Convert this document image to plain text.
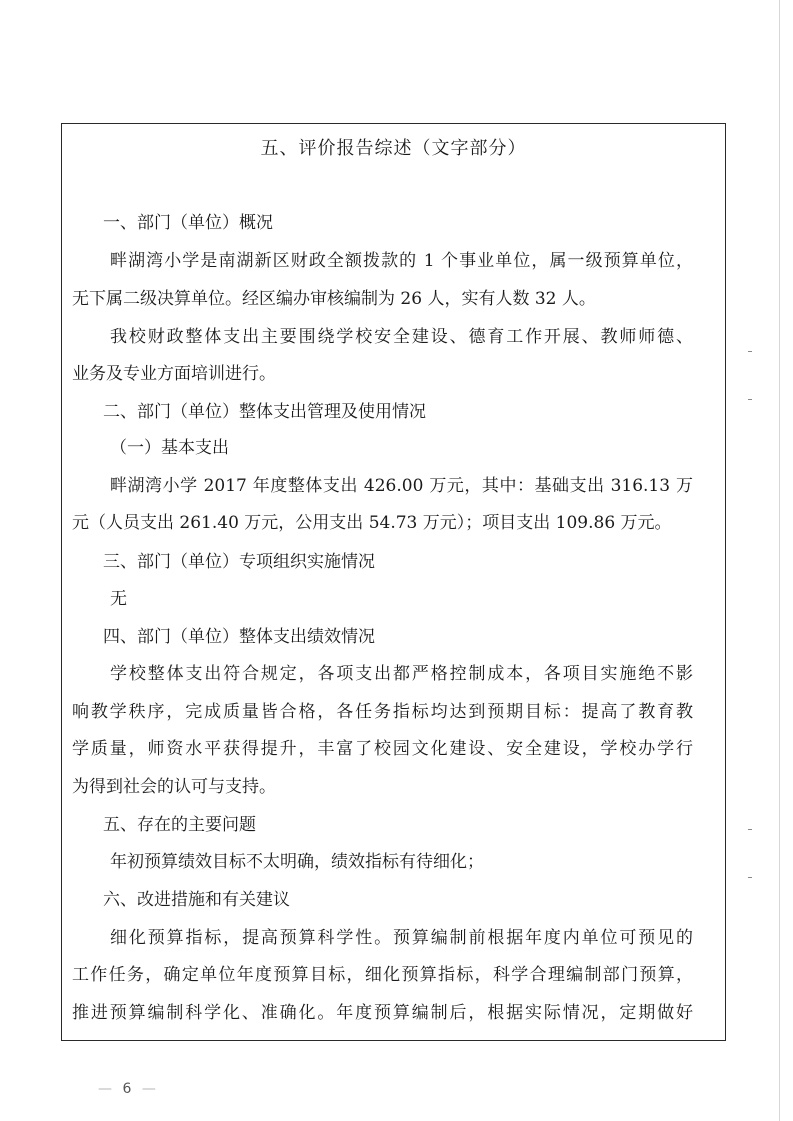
五、评价报告综述（文字部分）
一、部门（单位）概况
畔湖湾小学是南湖新区财政全额拨款的 1 个事业单位，属一级预算单位，
无下属二级决算单位。经区编办审核编制为 26 人，实有人数 32 人。
我校财政整体支出主要围绕学校安全建设、德育工作开展、教师师德、
业务及专业方面培训进行。
二、部门（单位）整体支出管理及使用情况
（一）基本支出
畔湖湾小学 2017 年度整体支出 426.00 万元，其中：基础支出 316.13 万
元（人员支出 261.40 万元，公用支出 54.73 万元）；项目支出 109.86 万元。
三、部门（单位）专项组织实施情况
无
四、部门（单位）整体支出绩效情况
学校整体支出符合规定，各项支出都严格控制成本，各项目实施绝不影
响教学秩序，完成质量皆合格，各任务指标均达到预期目标：提高了教育教
学质量，师资水平获得提升，丰富了校园文化建设、安全建设，学校办学行
为得到社会的认可与支持。
五、存在的主要问题
年初预算绩效目标不太明确，绩效指标有待细化；
六、改进措施和有关建议
细化预算指标，提高预算科学性。预算编制前根据年度内单位可预见的
工作任务，确定单位年度预算目标，细化预算指标，科学合理编制部门预算，
推进预算编制科学化、准确化。年度预算编制后，根据实际情况，定期做好
— 6 —
